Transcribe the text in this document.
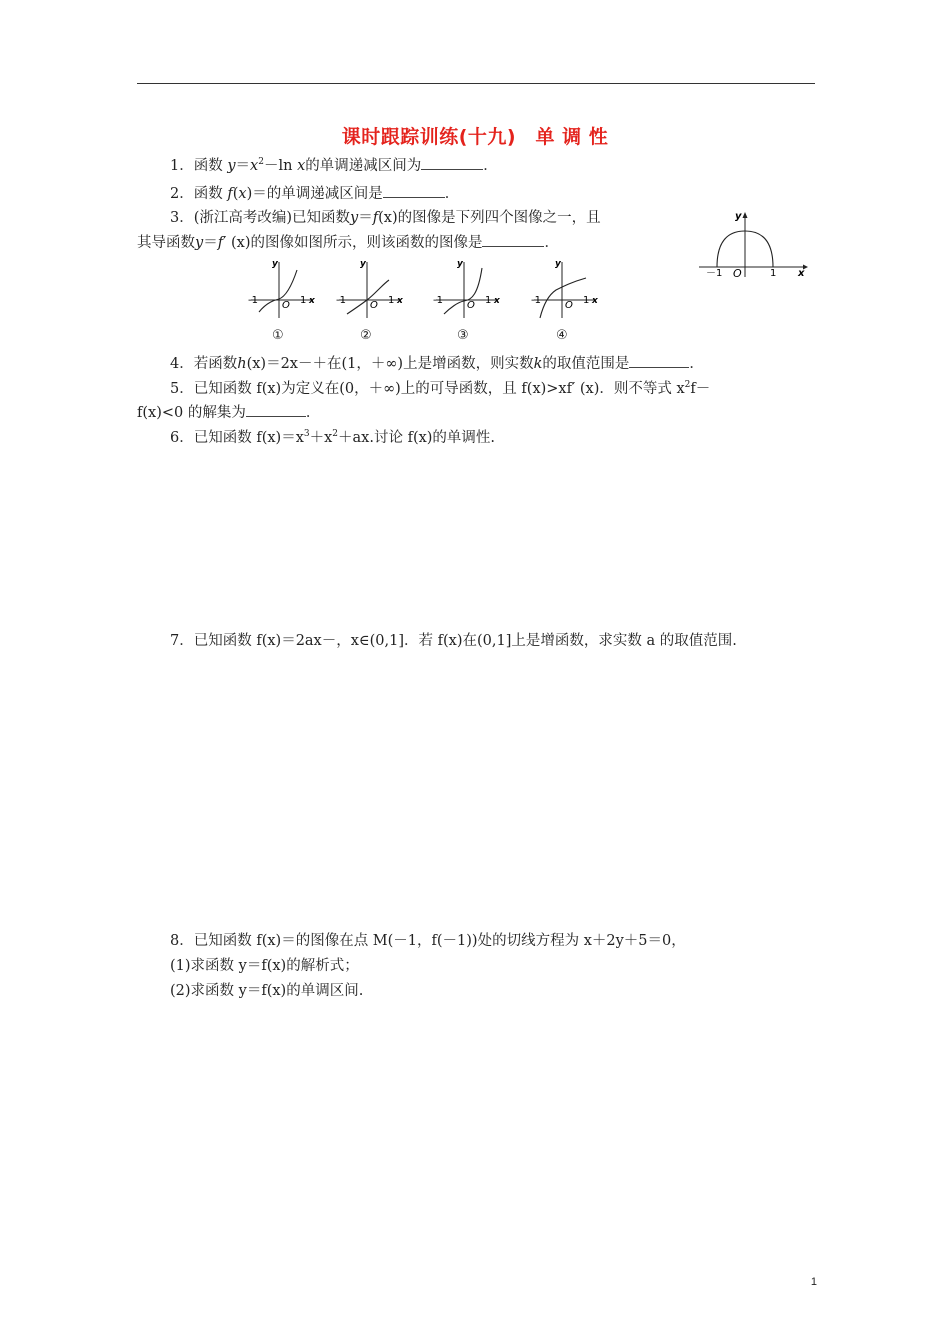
课时跟踪训练(十九)　单 调 性
1．函数 $y=x^2-\ln$ x的单调递减区间为	．
2．函数 f(x)＝的单调递减区间是	．
3．(浙江高考改编)已知函数y＝f(x)的图像是下列四个图像之一，且
其导函数y＝f′ (x)的图像如图所示，则该函数的图像是	．
y
x
O
－1	1
y
x
O
-1	1
y
x
O
-1	1
y
x
O
-1	1
y
x
O
-1	1
①	②	③	④
4．若函数h(x)＝2x－＋在(1，＋∞)上是增函数，则实数k的取值范围是	．
5．已知函数 f(x)为定义在(0，＋∞)上的可导函数，且 f(x)>xf′ (x)．则不等式 $x^2f-$
f(x)<0 的解集为	．
6．已知函数 $f(x)=x^3+x^2+ax$.讨论 f(x)的单调性.
7．已知函数 f(x)＝2ax－，x∈(0,1]．若 f(x)在(0,1]上是增函数，求实数 a 的取值范围.
8．已知函数 f(x)＝的图像在点 M(－1，f(－1))处的切线方程为 x＋2y＋5＝0，
(1)求函数 y＝f(x)的解析式；
(2)求函数 y＝f(x)的单调区间.
1
